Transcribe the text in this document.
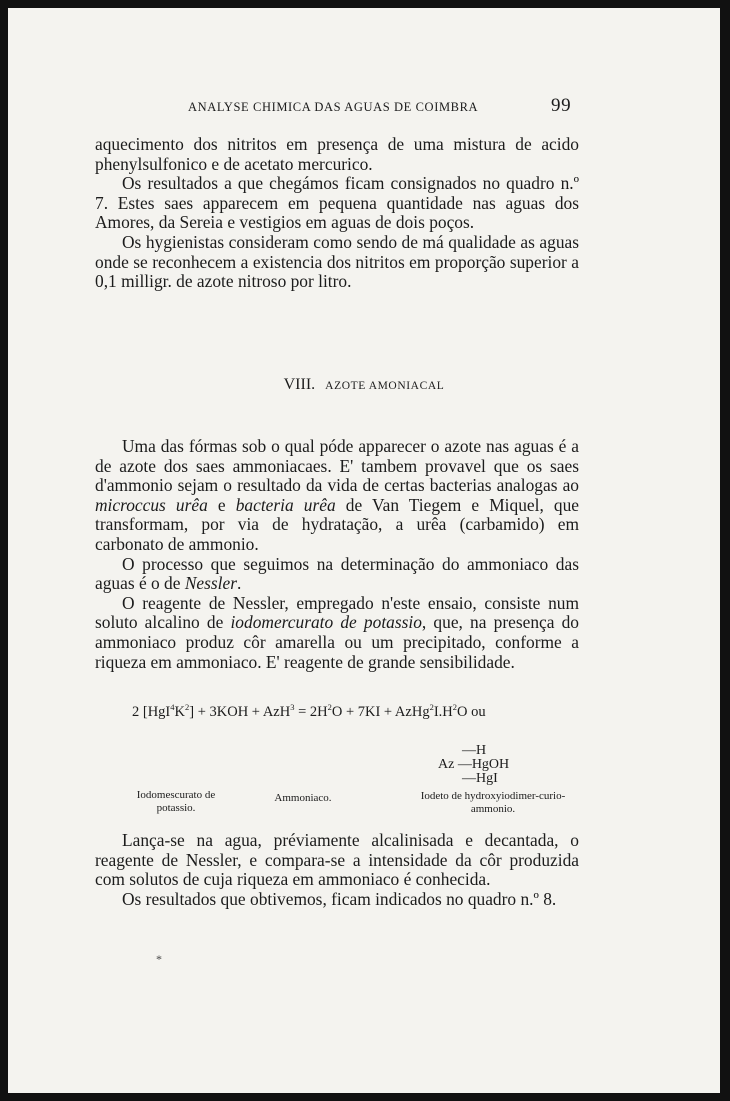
ANALYSE CHIMICA DAS AGUAS DE COIMBRA	99

aquecimento dos nitritos em presença de uma mistura de acido phenylsulfonico e de acetato mercurico.

Os resultados a que chegámos ficam consignados no quadro n.º 7. Estes saes apparecem em pequena quantidade nas aguas dos Amores, da Sereia e vestigios em aguas de dois poços.

Os hygienistas consideram como sendo de má qualidade as aguas onde se reconhecem a existencia dos nitritos em proporção superior a 0,1 milligr. de azote nitroso por litro.

VIII. AZOTE AMONIACAL

Uma das fórmas sob o qual póde apparecer o azote nas aguas é a de azote dos saes ammoniacaes. E' tambem provavel que os saes d'ammonio sejam o resultado da vida de certas bacterias analogas ao microccus urêa e bacteria urêa de Van Tiegem e Miquel, que transformam, por via de hydratação, a urêa (carbamido) em carbonato de ammonio.

O processo que seguimos na determinação do ammoniaco das aguas é o de Nessler.

O reagente de Nessler, empregado n'este ensaio, consiste num soluto alcalino de iodomercurato de potassio, que, na presença do ammoniaco produz côr amarella ou um precipitado, conforme a riqueza em ammoniaco. E' reagente de grande sensibilidade.

2 $[HgI^4K^2] + 3KOH + AzH^3 = 2H^2O + 7KI$ + $AzHg^2I.H^2O$ ou
—H
Az —HgOH
—HgI
Iodomescurato de potassio.
Ammoniaco.	Iodeto de hydroxyiodimer-curio-ammonio.

Lança-se na agua, préviamente alcalinisada e decantada, o reagente de Nessler, e compara-se a intensidade da côr produzida com solutos de cuja riqueza em ammoniaco é conhecida.

Os resultados que obtivemos, ficam indicados no quadro n.º 8.

*
